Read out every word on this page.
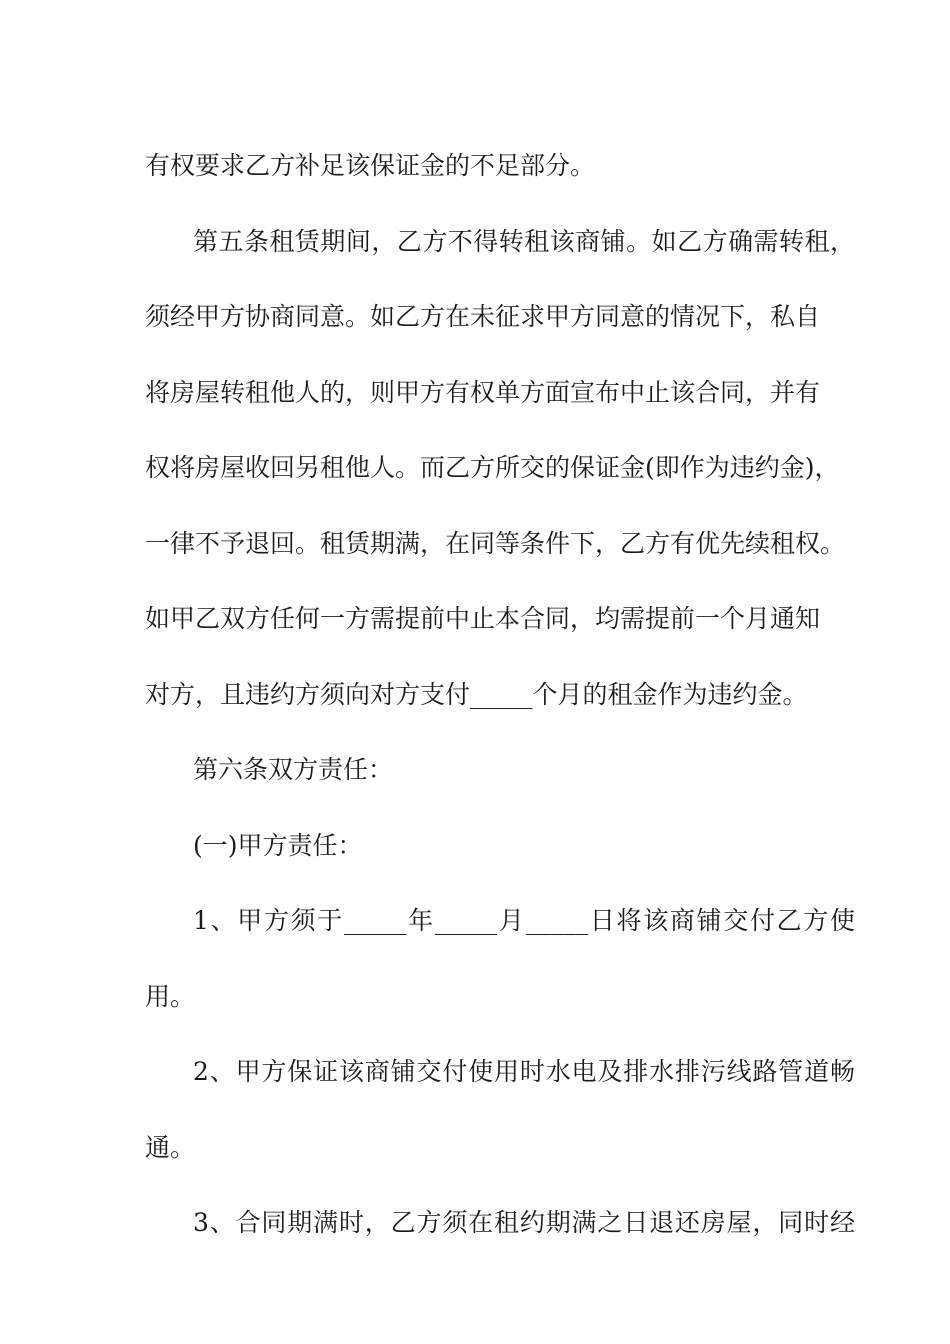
有权要求乙方补足该保证金的不足部分。
第五条租赁期间，乙方不得转租该商铺。如乙方确需转租，
须经甲方协商同意。如乙方在未征求甲方同意的情况下，私自
将房屋转租他人的，则甲方有权单方面宣布中止该合同，并有
权将房屋收回另租他人。而乙方所交的保证金(即作为违约金)，
一律不予退回。租赁期满，在同等条件下，乙方有优先续租权。
如甲乙双方任何一方需提前中止本合同，均需提前一个月通知
对方，且违约方须向对方支付_____个月的租金作为违约金。
第六条双方责任：
(一)甲方责任：
1、甲方须于_____年_____月_____日将该商铺交付乙方使
用。
2、甲方保证该商铺交付使用时水电及排水排污线路管道畅
通。
3、合同期满时，乙方须在租约期满之日退还房屋，同时经
